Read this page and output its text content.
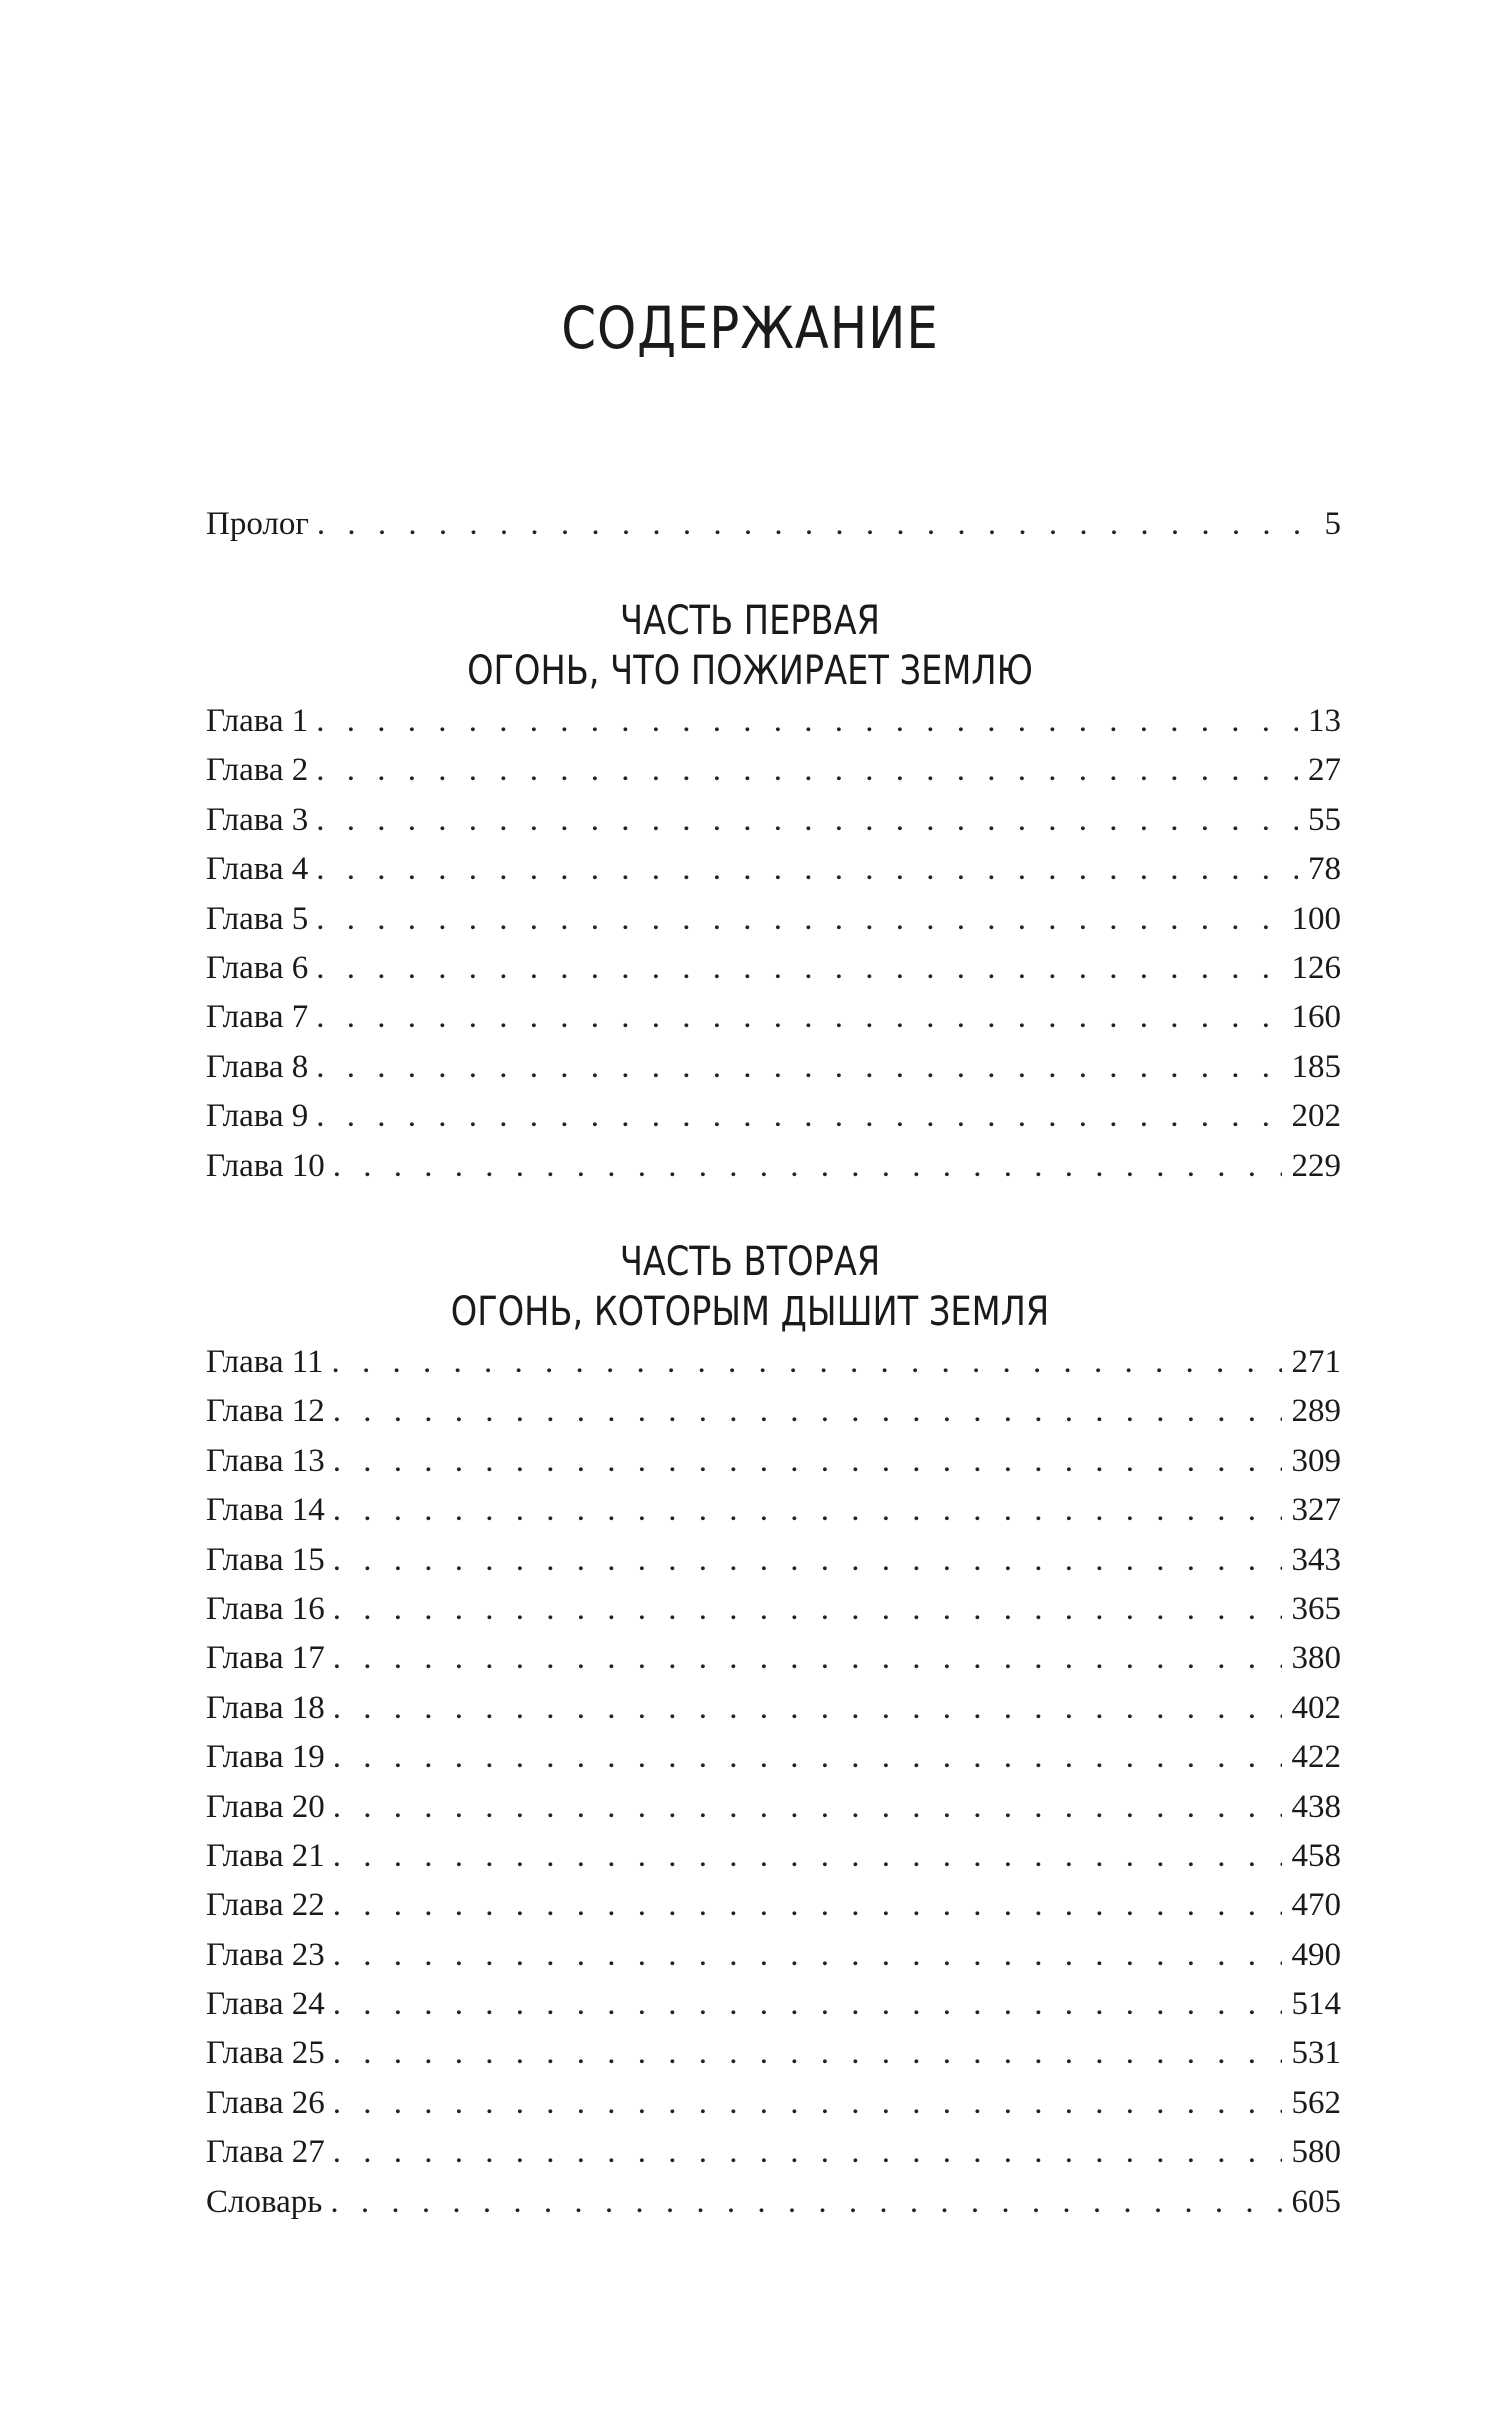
СОДЕРЖАНИЕ
Пролог . . .	5
ЧАСТЬ ПЕРВАЯ
ОГОНЬ, ЧТО ПОЖИРАЕТ ЗЕМЛЮ
Глава 1 . . .	13
Глава 2 . . .	27
Глава 3 . . .	55
Глава 4 . . .	78
Глава 5 . . .	100
Глава 6 . . .	126
Глава 7 . . .	160
Глава 8 . . .	185
Глава 9 . . .	202
Глава 10 . . .	229
ЧАСТЬ ВТОРАЯ
ОГОНЬ, КОТОРЫМ ДЫШИТ ЗЕМЛЯ
Глава 11 . . .	271
Глава 12 . . .	289
Глава 13 . . .	309
Глава 14 . . .	327
Глава 15 . . .	343
Глава 16 . . .	365
Глава 17 . . .	380
Глава 18 . . .	402
Глава 19 . . .	422
Глава 20 . . .	438
Глава 21 . . .	458
Глава 22 . . .	470
Глава 23 . . .	490
Глава 24 . . .	514
Глава 25 . . .	531
Глава 26 . . .	562
Глава 27 . . .	580
Словарь . . .	605
